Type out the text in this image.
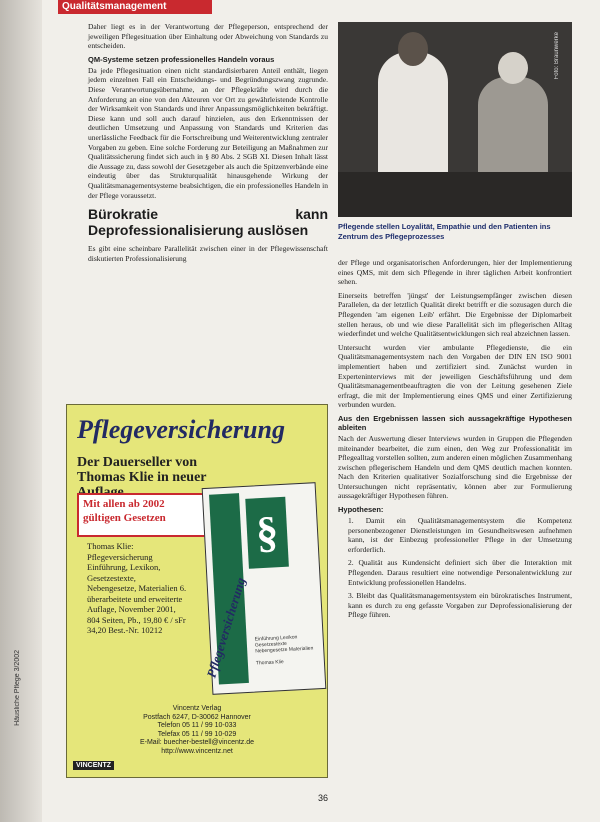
Qualitätsmanagement

Daher liegt es in der Verantwortung der Pflegeperson, entsprechend der jeweiligen Pflegesituation über Einhaltung oder Abweichung von Standards zu entscheiden.

QM-Systeme setzen professionelles Handeln voraus

Da jede Pflegesituation einen nicht standardisierbaren Anteil enthält, liegen jedem einzelnen Fall ein Entscheidungs- und Begründungszwang zugrunde. Diese Verantwortungsübernahme, an der Pflegekräfte wird durch die Anforderung an eine von den Akteuren vor Ort zu gewährleistende Kontrolle der Wirksamkeit von Standards und ihrer Anpassungsmöglichkeiten bekräftigt. Diese kann und soll auch darauf hinzielen, aus den Erkenntnissen der deutlichen Umsetzung und Anpassung von Standards und Kriterien das unerlässliche Feedback für die Fortschreibung und Weiterentwicklung zentraler Vorgaben zu geben. Eine solche Forderung zur Beteiligung an Maßnahmen zur Qualitätssicherung findet sich auch in § 80 Abs. 2 SGB XI. Diesen Inhalt lässt die Aussage zu, dass sowohl der Gesetzgeber als auch die Spitzenverbände eine eindeutig über das Strukturqualität hinausgehende Wirkung der Qualitätsmanagementsysteme beabsichtigen, die ein professionelles Handeln in der Pflege voraussetzt.

Bürokratie kann Deprofessionalisierung auslösen

Es gibt eine scheinbare Parallelität zwischen einer in der Pflegewissenschaft diskutierten Professionalisierung

Foto: Braunwerke
Pflegende stellen Loyalität, Empathie und den Patienten ins Zentrum des Pflegeprozesses

der Pflege und organisatorischen Anforderungen, hier der Implementierung eines QMS, mit dem sich Pflegende in ihrer täglichen Arbeit konfrontiert sehen.

Einerseits betreffen 'jüngst' der Leistungsempfänger zwischen diesen Parallelen, da der letztlich Qualität direkt betrifft er die sozusagen durch die Pflegenden 'am eigenen Leib' erfährt. Die Ergebnisse der Diplomarbeit stellen heraus, ob und wie diese Parallelität sich im pflegerischen Alltag wiederfindet und welche Qualitätsentwicklungen sich real abzeichnen lassen.

Untersucht wurden vier ambulante Pflegedienste, die ein Qualitätsmanagementsystem nach den Vorgaben der DIN EN ISO 9001 implementiert haben und zertifiziert sind. Zunächst wurden in Experteninterviews mit der jeweiligen Geschäftsführung und dem Qualitätsmanagementbeauftragten die von der Leitung gesehenen Ziele erfragt, die mit der Implementierung eines QMS und einer Zertifizierung verbunden wurden.

Aus den Ergebnissen lassen sich aussagekräftige Hypothesen ableiten

Nach der Auswertung dieser Interviews wurden in Gruppen die Pflegenden miteinander bearbeitet, die zum einen, den Weg zur Professionalität im Pflegealltag vorstellen sollten, zum anderen einen möglichen Zusammenhang zwischen pflegerischem Handeln und dem QMS deutlich machen konnten. Nach den Kriterien qualitativer Sozialforschung sind die Ergebnisse der Untersuchungen nicht repräsentativ, können aber zur Formulierung aussagekräftiger Hypothesen führen.

Hypothesen:
1. Damit ein Qualitätsmanagementsystem die Kompetenz personenbezogener Dienstleistungen im Gesundheitswesen aufnehmen kann, ist der Einbezug professioneller Pflege in der Umsetzung erforderlich.
2. Qualität aus Kundensicht definiert sich über die Interaktion mit Pflegenden. Daraus resultiert eine notwendige Personalentwicklung zur Entwicklung professionellen Handelns.
3. Bleibt das Qualitätsmanagementsystem ein bürokratisches Instrument, kann es durch zu eng gefasste Vorgaben zur Deprofessionalisierung der Pflege führen.
Pflegeversicherung
Der Dauerseller von Thomas Klie in neuer
Mit allen ab 2002 gültigen Gesetzen
Thomas Klie: Pflegeversicherung Einführung, Lexikon, Gesetzestexte, Nebengesetze, Materialien 6. überarbeitete und erweiterte Auflage, November 2001, 804 Seiten, Pb., 19,80 € / sFr 34,20 Best.-Nr. 10212
§
Pflegeversicherung Einführung Lexikon Gesetzestexte Nebengesetze Materialien

Thomas Klie
Vincentz Verlag
Postfach 6247, D-30062 Hannover
Telefon 05 11 / 99 10-033
Telefax 05 11 / 99 10-029
E-Mail: buecher-bestell@vincentz.de
http://www.vincentz.net
VINCENTZ
Häusliche Pflege 3/2002
36
